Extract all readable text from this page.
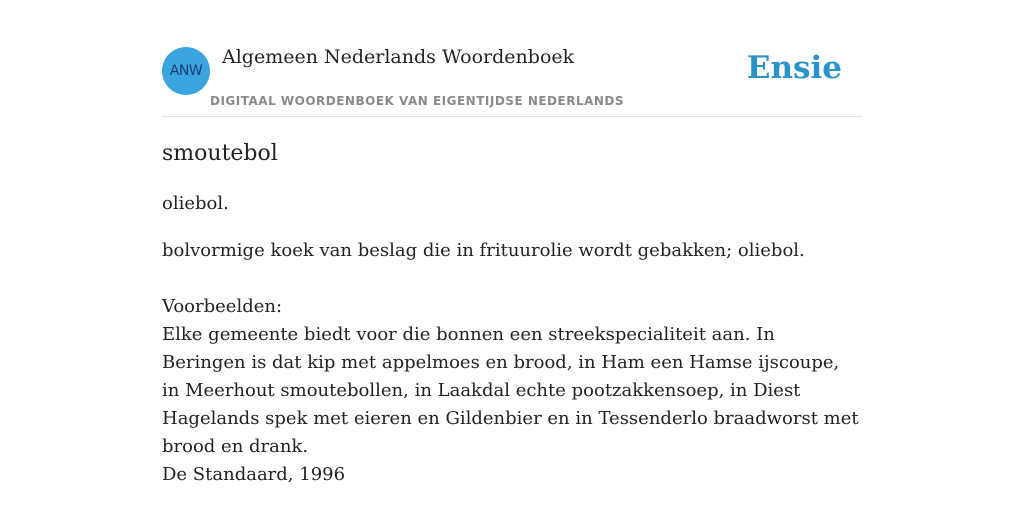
ANW
Algemeen Nederlands Woordenboek
DIGITAAL WOORDENBOEK VAN EIGENTIJDSE NEDERLANDS
Ensie
smoutebol

oliebol.

bolvormige koek van beslag die in frituurolie wordt gebakken; oliebol.

Voorbeelden:

Elke gemeente biedt voor die bonnen een streekspecialiteit aan. In Beringen is dat kip met appelmoes en brood, in Ham een Hamse ijscoupe, in Meerhout smoutebollen, in Laakdal echte pootzakkensoep, in Diest Hagelands spek met eieren en Gildenbier en in Tessenderlo braadworst met brood en drank.

De Standaard, 1996
